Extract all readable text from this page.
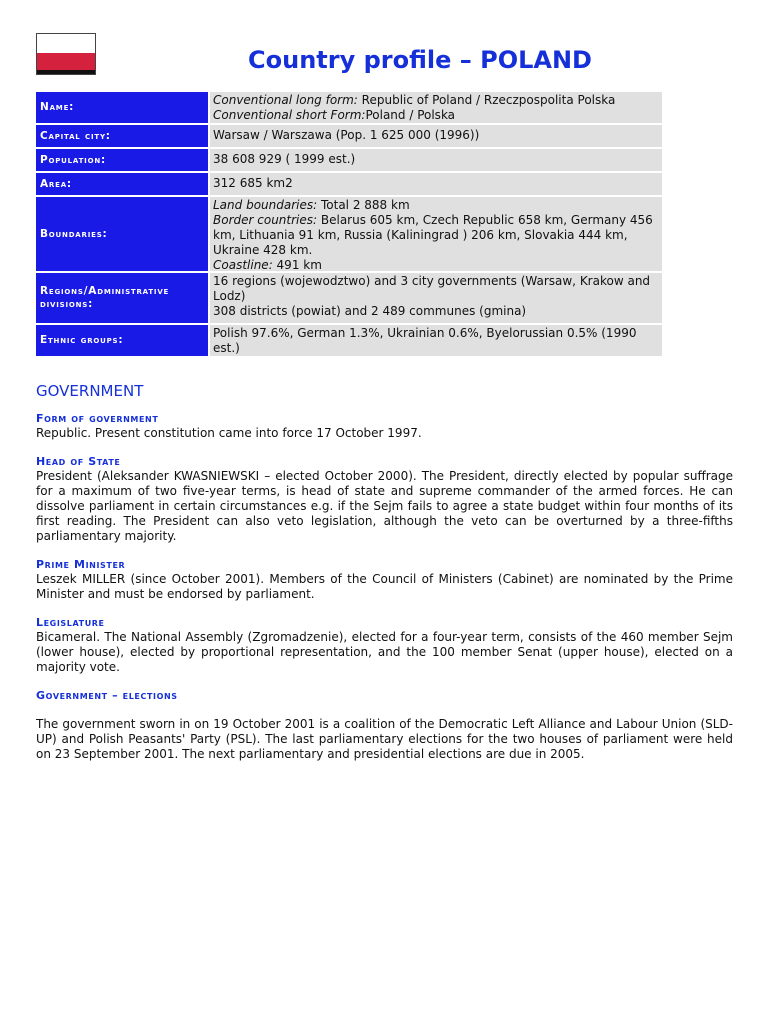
Country profile – POLAND
Name:	Conventional long form: Republic of Poland / Rzeczpospolita Polska
Conventional short Form:Poland / Polska
Capital city:	Warsaw / Warszawa (Pop. 1 625 000 (1996))
Population:	38 608 929 ( 1999 est.)
Area:	312 685 km2
Boundaries:
Land boundaries: Total 2 888 km
Border countries: Belarus 605 km, Czech Republic 658 km, Germany 456 km, Lithuania 91 km, Russia (Kaliningrad ) 206 km, Slovakia 444 km, Ukraine 428 km.
Coastline: 491 km
Regions/Administrative divisions:
16 regions (wojewodztwo) and 3 city governments (Warsaw, Krakow and Lodz)
308 districts (powiat) and 2 489 communes (gmina)
Ethnic groups:	Polish 97.6%, German 1.3%, Ukrainian 0.6%, Byelorussian 0.5% (1990 est.)
GOVERNMENT

Form of government

Republic. Present constitution came into force 17 October 1997.

Head of State

President (Aleksander KWASNIEWSKI – elected October 2000). The President, directly elected by popular suffrage for a maximum of two five-year terms, is head of state and supreme commander of the armed forces. He can dissolve parliament in certain circumstances e.g. if the Sejm fails to agree a state budget within four months of its first reading. The President can also veto legislation, although the veto can be overturned by a three-fifths parliamentary majority.

Prime Minister

Leszek MILLER (since October 2001). Members of the Council of Ministers (Cabinet) are nominated by the Prime Minister and must be endorsed by parliament.

Legislature

Bicameral. The National Assembly (Zgromadzenie), elected for a four-year term, consists of the 460 member Sejm (lower house), elected by proportional representation, and the 100 member Senat (upper house), elected on a majority vote.

Government – elections

The government sworn in on 19 October 2001 is a coalition of the Democratic Left Alliance and Labour Union (SLD-UP) and Polish Peasants' Party (PSL). The last parliamentary elections for the two houses of parliament were held on 23 September 2001. The next parliamentary and presidential elections are due in 2005.
